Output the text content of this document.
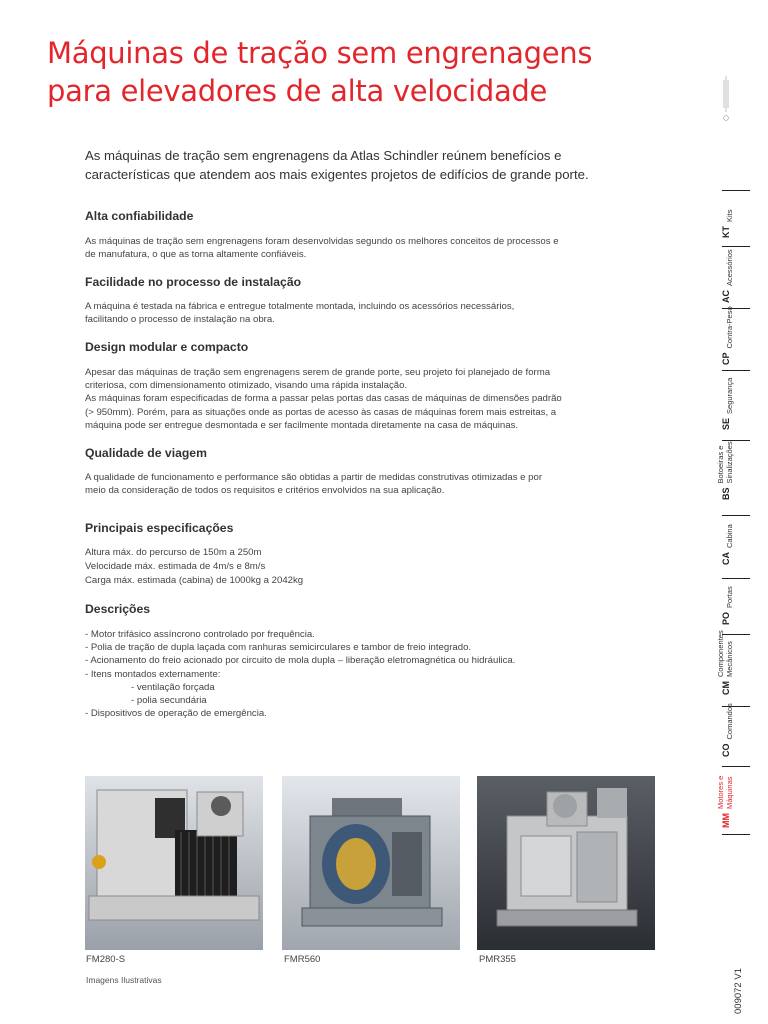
Máquinas de tração sem engrenagens
para elevadores de alta velocidade
As máquinas de tração sem engrenagens da Atlas Schindler reúnem benefícios e
características que atendem aos mais exigentes projetos de edifícios de grande porte.
Alta confiabilidade
As máquinas de tração sem engrenagens foram desenvolvidas segundo os melhores conceitos de processos e
de manufatura, o que as torna altamente confiáveis.
Facilidade no processo de instalação
A máquina é testada na fábrica e entregue totalmente montada, incluindo os acessórios necessários,
facilitando o processo de instalação na obra.
Design modular e compacto
Apesar das máquinas de tração sem engrenagens serem de grande porte, seu projeto foi planejado de forma
criteriosa, com dimensionamento otimizado, visando uma rápida instalação.
As máquinas foram especificadas de forma a passar pelas portas das casas de máquinas de dimensões padrão
(> 950mm). Porém, para as situações onde as portas de acesso às casas de máquinas forem mais estreitas, a
máquina pode ser entregue desmontada e ser facilmente montada diretamente na casa de máquinas.
Qualidade de viagem
A qualidade de funcionamento e performance são obtidas a partir de medidas construtivas otimizadas e por
meio da consideração de todos os requisitos e critérios envolvidos na sua aplicação.
Principais especificações
Altura máx. do percurso de 150m a 250m
Velocidade máx. estimada de 4m/s e 8m/s
Carga máx. estimada (cabina) de 1000kg a 2042kg
Descrições
- Motor trifásico assíncrono controlado por frequência.
- Polia de tração de dupla laçada com ranhuras semicirculares e tambor de freio integrado.
- Acionamento do freio acionado por circuito de mola dupla – liberação eletromagnética ou hidráulica.
- Itens montados externamente:
- ventilação forçada
- polia secundária
- Dispositivos de operação de emergência.
FM280-S	FMR560	PMR355
Imagens Ilustrativas
KTKits
ACAcessórios
CPContra-Peso
SESegurança
BSBotoeiras e
Sinalizações
CACabina
POPortas
CMComponentes
Mecânicos
COComandos
MMMotores e
Máquinas
009072 V1
